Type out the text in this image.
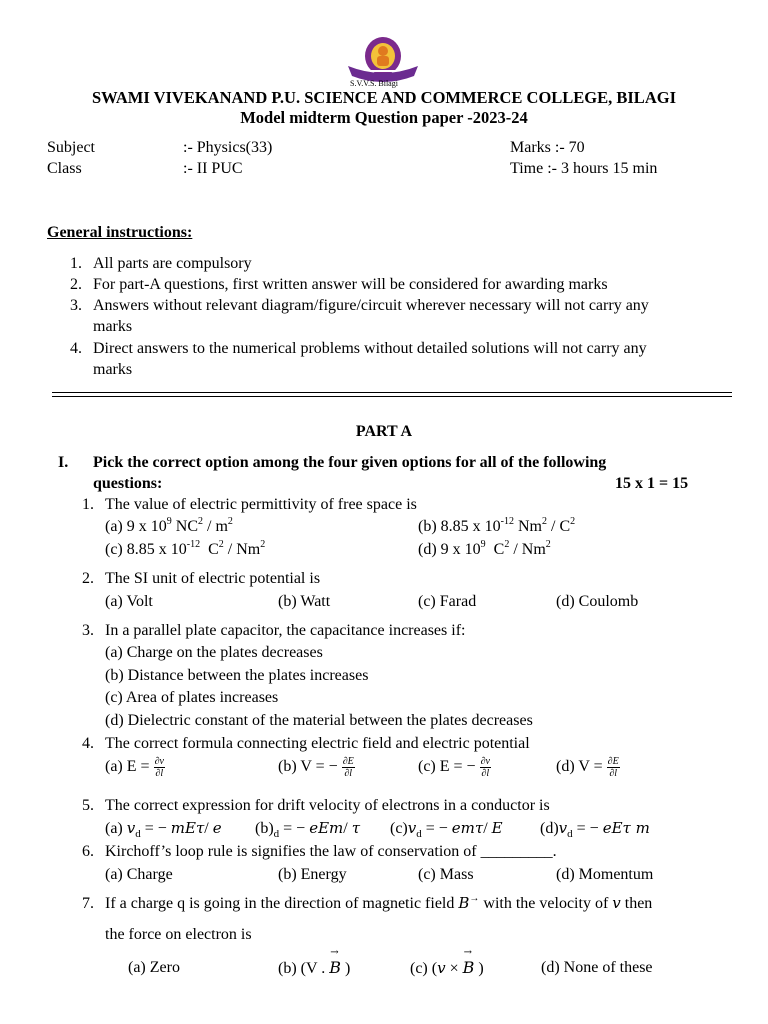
S.V.V.S. Bilagi
SWAMI VIVEKANAND P.U. SCIENCE AND COMMERCE COLLEGE, BILAGI
Model midterm Question paper -2023-24
Subject	:- Physics(33)	Marks :- 70
Class	:- II PUC	Time :- 3 hours 15 min
General instructions:
1. All parts are compulsory
2. For part-A questions, first written answer will be considered for awarding marks
3. Answers without relevant diagram/figure/circuit wherever necessary will not carry any
marks
4. Direct answers to the numerical problems without detailed solutions will not carry any
marks
PART A
I. Pick the correct option among the four given options for all of the following
questions:	15 x 1 = 15
1. The value of electric permittivity of free space is
(a) 9 x $10^9$ $NC^2 / m^2$	(b) 8.85 x $10^{-12}$ $Nm^2 / C^2$
(c) 8.85 x $10^{-12}$  $C^2 / Nm^2$	(d) 9 x $10^9$  $C^2 / Nm^2$
2. The SI unit of electric potential is
(a) Volt	(b) Watt	(c) Farad	(d) Coulomb
3. In a parallel plate capacitor, the capacitance increases if:
(a) Charge on the plates decreases
(b) Distance between the plates increases
(c) Area of plates increases
(d) Dielectric constant of the material between the plates decreases
4. The correct formula connecting electric field and electric potential
(a) $E = \frac{\partial v}{\partial l}$	(b) V = − $\frac{\partial E}{\partial l}$	(c) E = − $\frac{\partial v}{\partial l}$	(d) $V = \frac{\partial E}{\partial l}$
5. The correct expression for drift velocity of electrons in a conductor is
(a) $v_d$ = − mEτ/ e $(b)_d$ = − eEm/ τ $(c)v_d$ = − emτ/ E $(d)v_d$ = − eEτ m
6. Kirchoff’s loop rule is signifies the law of conservation of _________.
(a) Charge	(b) Energy	(c) Mass	(d) Momentum
7. If a charge q is going in the direction of magnetic field B→ with the velocity of v then
the force on electron is
(a) Zero	(b) (V . → B )	(c) (v × → B )	(d) None of these
